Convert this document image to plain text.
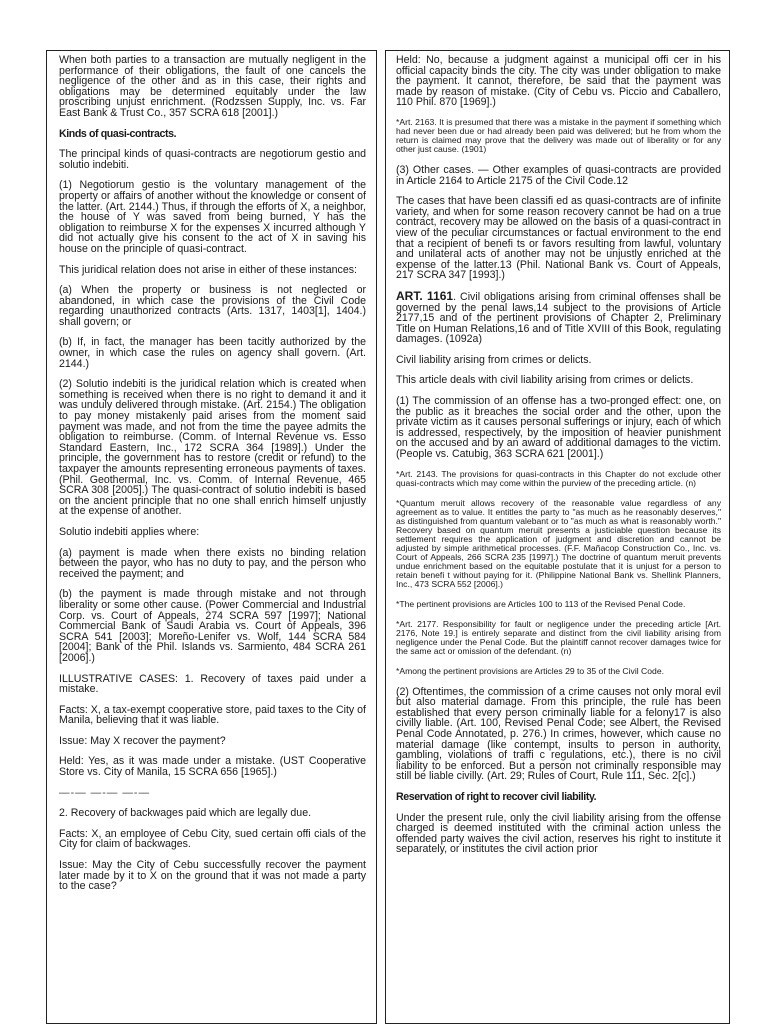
When both parties to a transaction are mutually negligent in the performance of their obligations, the fault of one cancels the negligence of the other and as in this case, their rights and obligations may be determined equitably under the law proscribing unjust enrichment. (Rodzssen Supply, Inc. vs. Far East Bank & Trust Co., 357 SCRA 618 [2001].)

Kinds of quasi-contracts.

The principal kinds of quasi-contracts are negotiorum gestio and solutio indebiti.

(1) Negotiorum gestio is the voluntary management of the property or affairs of another without the knowledge or consent of the latter. (Art. 2144.) Thus, if through the efforts of X, a neighbor, the house of Y was saved from being burned, Y has the obligation to reimburse X for the expenses X incurred although Y did not actually give his consent to the act of X in saving his house on the principle of quasi-contract.

This juridical relation does not arise in either of these instances:

(a) When the property or business is not neglected or abandoned, in which case the provisions of the Civil Code regarding unauthorized contracts (Arts. 1317, 1403[1], 1404.) shall govern; or

(b) If, in fact, the manager has been tacitly authorized by the owner, in which case the rules on agency shall govern. (Art. 2144.)

(2) Solutio indebiti is the juridical relation which is created when something is received when there is no right to demand it and it was unduly delivered through mistake. (Art. 2154.) The obligation to pay money mistakenly paid arises from the moment said payment was made, and not from the time the payee admits the obligation to reimburse. (Comm. of Internal Revenue vs. Esso Standard Eastern, Inc., 172 SCRA 364 [1989].) Under the principle, the government has to restore (credit or refund) to the taxpayer the amounts representing erroneous payments of taxes. (Phil. Geothermal, Inc. vs. Comm. of Internal Revenue, 465 SCRA 308 [2005].) The quasi-contract of solutio indebiti is based on the ancient principle that no one shall enrich himself unjustly at the expense of another.

Solutio indebiti applies where:

(a) payment is made when there exists no binding relation between the payor, who has no duty to pay, and the person who received the payment; and

(b) the payment is made through mistake and not through liberality or some other cause. (Power Commercial and Industrial Corp. vs. Court of Appeals, 274 SCRA 597 [1997]; National Commercial Bank of Saudi Arabia vs. Court of Appeals, 396 SCRA 541 [2003]; Moreño-Lenifer vs. Wolf, 144 SCRA 584 [2004]; Bank of the Phil. Islands vs. Sarmiento, 484 SCRA 261 [2006].)

ILLUSTRATIVE CASES: 1. Recovery of taxes paid under a mistake.

Facts: X, a tax-exempt cooperative store, paid taxes to the City of Manila, believing that it was liable.

Issue: May X recover the payment?

Held: Yes, as it was made under a mistake. (UST Cooperative Store vs. City of Manila, 15 SCRA 656 [1965].)

—-— —-— —-—

2. Recovery of backwages paid which are legally due.

Facts: X, an employee of Cebu City, sued certain offi cials of the City for claim of backwages.

Issue: May the City of Cebu successfully recover the payment later made by it to X on the ground that it was not made a party to the case?

Held: No, because a judgment against a municipal offi cer in his official capacity binds the city. The city was under obligation to make the payment. It cannot, therefore, be said that the payment was made by reason of mistake. (City of Cebu vs. Piccio and Caballero, 110 Phil. 870 [1969].)

*Art. 2163. It is presumed that there was a mistake in the payment if something which had never been due or had already been paid was delivered; but he from whom the return is claimed may prove that the delivery was made out of liberality or for any other just cause. (1901)

(3) Other cases. — Other examples of quasi-contracts are provided in Article 2164 to Article 2175 of the Civil Code.12

The cases that have been classifi ed as quasi-contracts are of infinite variety, and when for some reason recovery cannot be had on a true contract, recovery may be allowed on the basis of a quasi-contract in view of the peculiar circumstances or factual environment to the end that a recipient of benefi ts or favors resulting from lawful, voluntary and unilateral acts of another may not be unjustly enriched at the expense of the latter.13 (Phil. National Bank vs. Court of Appeals, 217 SCRA 347 [1993].)

ART. 1161. Civil obligations arising from criminal offenses shall be governed by the penal laws,14 subject to the provisions of Article 2177,15 and of the pertinent provisions of Chapter 2, Preliminary Title on Human Relations,16 and of Title XVIII of this Book, regulating damages. (1092a)

Civil liability arising from crimes or delicts.

This article deals with civil liability arising from crimes or delicts.

(1) The commission of an offense has a two-pronged effect: one, on the public as it breaches the social order and the other, upon the private victim as it causes personal sufferings or injury, each of which is addressed, respectively, by the imposition of heavier punishment on the accused and by an award of additional damages to the victim. (People vs. Catubig, 363 SCRA 621 [2001].)

*Art. 2143. The provisions for quasi-contracts in this Chapter do not exclude other quasi-contracts which may come within the purview of the preceding article. (n)

*Quantum meruit allows recovery of the reasonable value regardless of any agreement as to value. It entitles the party to "as much as he reasonably deserves," as distinguished from quantum valebant or to "as much as what is reasonably worth." Recovery based on quantum meruit presents a justiciable question because its settlement requires the application of judgment and discretion and cannot be adjusted by simple arithmetical processes. (F.F. Mañacop Construction Co., Inc. vs. Court of Appeals, 266 SCRA 235 [1997].) The doctrine of quantum meruit prevents undue enrichment based on the equitable postulate that it is unjust for a person to retain benefi t without paying for it. (Philippine National Bank vs. Shellink Planners, Inc., 473 SCRA 552 [2006].)

*The pertinent provisions are Articles 100 to 113 of the Revised Penal Code.

*Art. 2177. Responsibility for fault or negligence under the preceding article [Art. 2176, Note 19.] is entirely separate and distinct from the civil liability arising from negligence under the Penal Code. But the plaintiff cannot recover damages twice for the same act or omission of the defendant. (n)

*Among the pertinent provisions are Articles 29 to 35 of the Civil Code.

(2) Oftentimes, the commission of a crime causes not only moral evil but also material damage. From this principle, the rule has been established that every person criminally liable for a felony17 is also civilly liable. (Art. 100, Revised Penal Code; see Albert, the Revised Penal Code Annotated, p. 276.) In crimes, however, which cause no material damage (like contempt, insults to person in authority, gambling, violations of traffi c regulations, etc.), there is no civil liability to be enforced. But a person not criminally responsible may still be liable civilly. (Art. 29; Rules of Court, Rule 111, Sec. 2[c].)

Reservation of right to recover civil liability.

Under the present rule, only the civil liability arising from the offense charged is deemed instituted with the criminal action unless the offended party waives the civil action, reserves his right to institute it separately, or institutes the civil action prior
